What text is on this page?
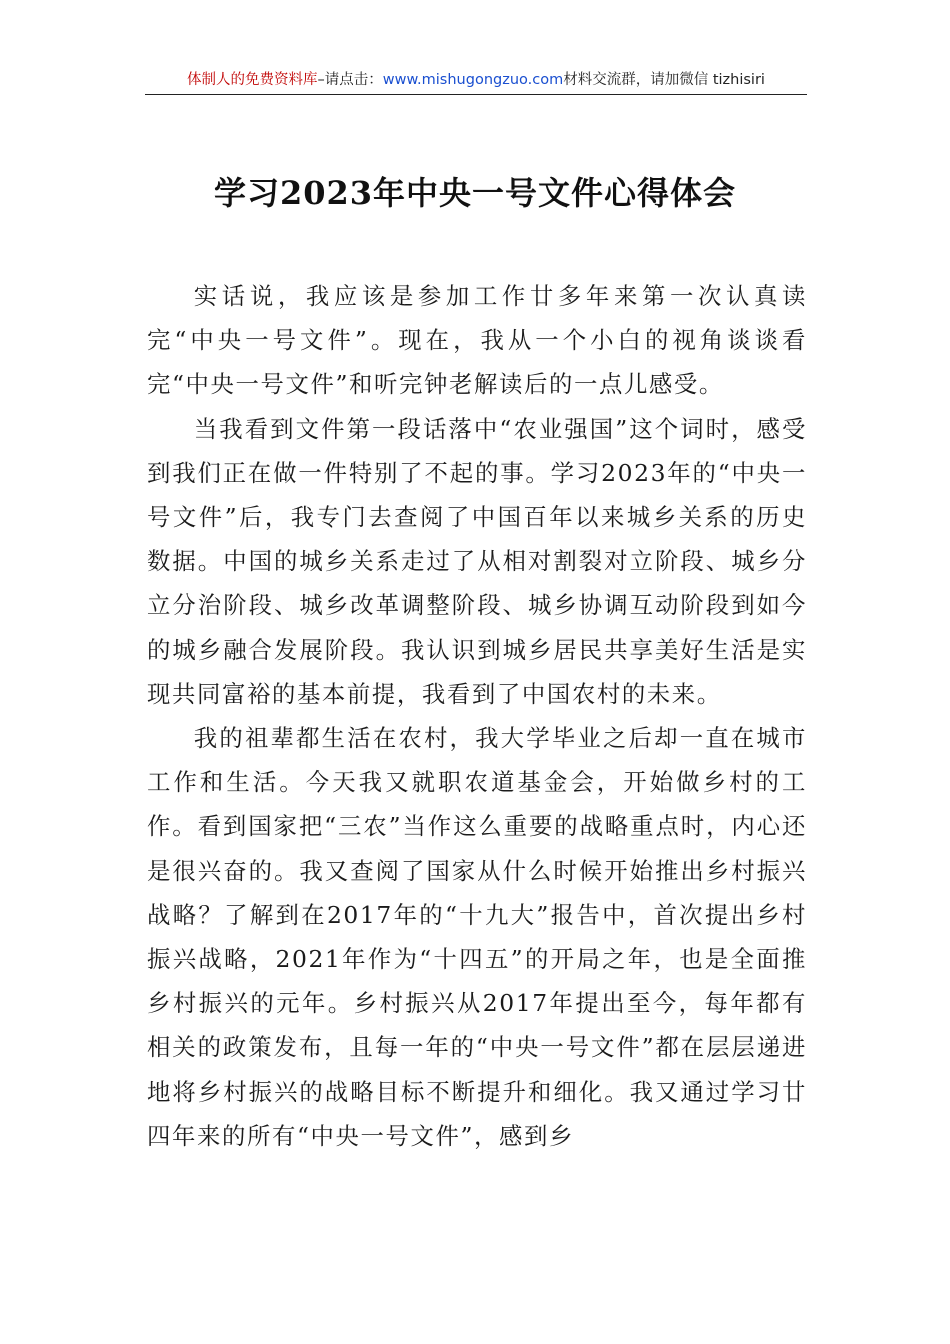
体制人的免费资料库–请点击：www.mishugongzuo.com材料交流群，请加微信 tizhisiri
学习2023年中央一号文件心得体会

实话说，我应该是参加工作廿多年来第一次认真读完“中央一号文件”。现在，我从一个小白的视角谈谈看完“中央一号文件”和听完钟老解读后的一点儿感受。

当我看到文件第一段话落中“农业强国”这个词时，感受到我们正在做一件特别了不起的事。学习2023年的“中央一号文件”后，我专门去查阅了中国百年以来城乡关系的历史数据。中国的城乡关系走过了从相对割裂对立阶段、城乡分立分治阶段、城乡改革调整阶段、城乡协调互动阶段到如今的城乡融合发展阶段。我认识到城乡居民共享美好生活是实现共同富裕的基本前提，我看到了中国农村的未来。

我的祖辈都生活在农村，我大学毕业之后却一直在城市工作和生活。今天我又就职农道基金会，开始做乡村的工作。看到国家把“三农”当作这么重要的战略重点时，内心还是很兴奋的。我又查阅了国家从什么时候开始推出乡村振兴战略？了解到在2017年的“十九大”报告中，首次提出乡村振兴战略，2021年作为“十四五”的开局之年，也是全面推乡村振兴的元年。乡村振兴从2017年提出至今，每年都有相关的政策发布，且每一年的“中央一号文件”都在层层递进地将乡村振兴的战略目标不断提升和细化。我又通过学习廿四年来的所有“中央一号文件”，感到乡
